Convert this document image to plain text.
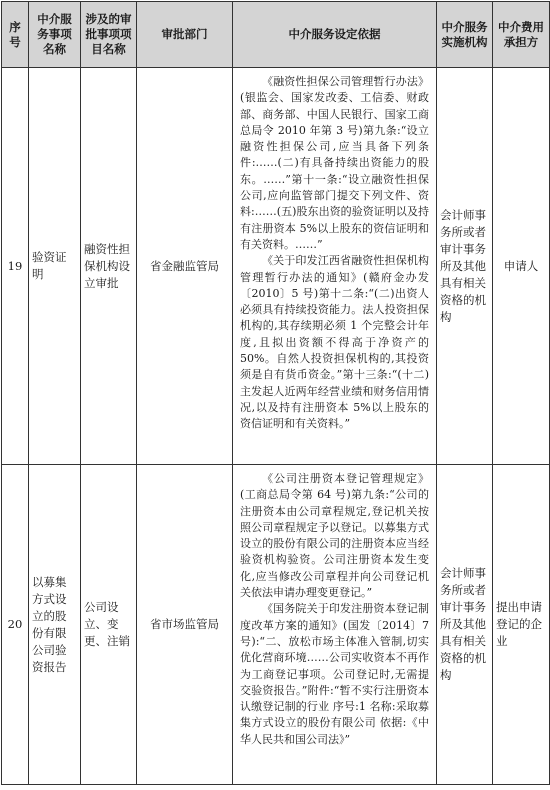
序号	中介服务事项名称	涉及的审批事项项目名称	审批部门	中介服务设定依据	中介服务实施机构	中介费用承担方
19	验资证明	融资性担保机构设立审批	省金融监管局	《融资性担保公司管理暂行办法》(银监会、国家发改委、工信委、财政部、商务部、中国人民银行、国家工商总局令 2010 年第 3 号)第九条:“设立融资性担保公司,应当具备下列条件:……(二)有具备持续出资能力的股东。……”第十一条:“设立融资性担保公司,应向监管部门提交下列文件、资料:……(五)股东出资的验资证明以及持有注册资本 5%以上股东的资信证明和有关资料。……”

《关于印发江西省融资性担保机构管理暂行办法的通知》(赣府金办发〔2010〕5 号)第十二条:“(二)出资人必须具有持续投资能力。法人投资担保机构的,其存续期必须 1 个完整会计年度,且拟出资额不得高于净资产的 50%。自然人投资担保机构的,其投资须是自有货币资金。”第十三条:“(十二)主发起人近两年经营业绩和财务信用情况,以及持有注册资本 5%以上股东的资信证明和有关资料。”	会计师事务所或者审计事务所及其他具有相关资格的机构	申请人
20	以募集方式设立的股份有限公司验资报告	公司设立、变更、注销	省市场监管局	《公司注册资本登记管理规定》(工商总局令第 64 号)第九条:“公司的注册资本由公司章程规定,登记机关按照公司章程规定予以登记。以募集方式设立的股份有限公司的注册资本应当经验资机构验资。公司注册资本发生变化,应当修改公司章程并向公司登记机关依法申请办理变更登记。”

《国务院关于印发注册资本登记制度改革方案的通知》(国发〔2014〕7 号):“二、放松市场主体准入管制,切实优化营商环境……公司实收资本不再作为工商登记事项。公司登记时,无需提交验资报告。”附件:“暂不实行注册资本认缴登记制的行业 序号:1 名称:采取募集方式设立的股份有限公司 依据:《中华人民共和国公司法》”	会计师事务所或者审计事务所及其他具有相关资格的机构	提出申请登记的企业
